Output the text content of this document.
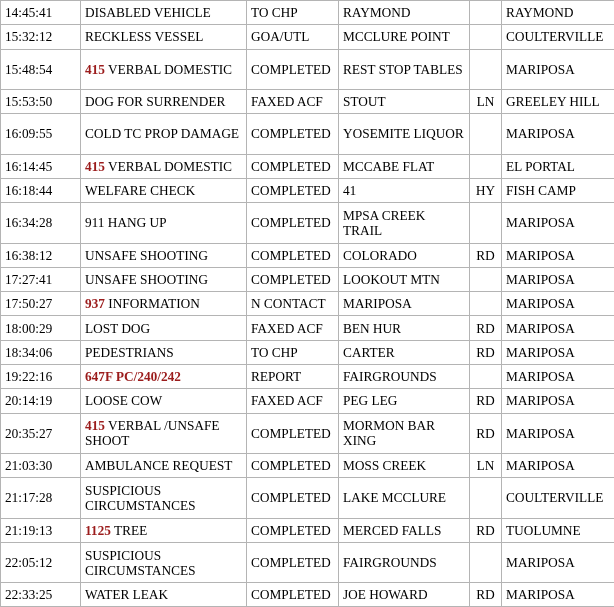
14:45:41	DISABLED VEHICLE	TO CHP	RAYMOND		RAYMOND
15:32:12	RECKLESS VESSEL	GOA/UTL	MCCLURE POINT		COULTERVILLE
15:48:54	415 VERBAL DOMESTIC	COMPLETED	REST STOP TABLES		MARIPOSA
15:53:50	DOG FOR SURRENDER	FAXED ACF	STOUT	LN	GREELEY HILL
16:09:55	COLD TC PROP DAMAGE	COMPLETED	YOSEMITE LIQUOR		MARIPOSA
16:14:45	415 VERBAL DOMESTIC	COMPLETED	MCCABE FLAT		EL PORTAL
16:18:44	WELFARE CHECK	COMPLETED	41	HY	FISH CAMP
16:34:28	911 HANG UP	COMPLETED	MPSA CREEK TRAIL		MARIPOSA
16:38:12	UNSAFE SHOOTING	COMPLETED	COLORADO	RD	MARIPOSA
17:27:41	UNSAFE SHOOTING	COMPLETED	LOOKOUT MTN		MARIPOSA
17:50:27	937 INFORMATION	N CONTACT	MARIPOSA		MARIPOSA
18:00:29	LOST DOG	FAXED ACF	BEN HUR	RD	MARIPOSA
18:34:06	PEDESTRIANS	TO CHP	CARTER	RD	MARIPOSA
19:22:16	647F PC/240/242	REPORT	FAIRGROUNDS		MARIPOSA
20:14:19	LOOSE COW	FAXED ACF	PEG LEG	RD	MARIPOSA
20:35:27	415 VERBAL /UNSAFE SHOOT	COMPLETED	MORMON BAR XING	RD	MARIPOSA
21:03:30	AMBULANCE REQUEST	COMPLETED	MOSS CREEK	LN	MARIPOSA
21:17:28	SUSPICIOUS CIRCUMSTANCES	COMPLETED	LAKE MCCLURE		COULTERVILLE
21:19:13	1125 TREE	COMPLETED	MERCED FALLS	RD	TUOLUMNE
22:05:12	SUSPICIOUS CIRCUMSTANCES	COMPLETED	FAIRGROUNDS		MARIPOSA
22:33:25	WATER LEAK	COMPLETED	JOE HOWARD	RD	MARIPOSA
